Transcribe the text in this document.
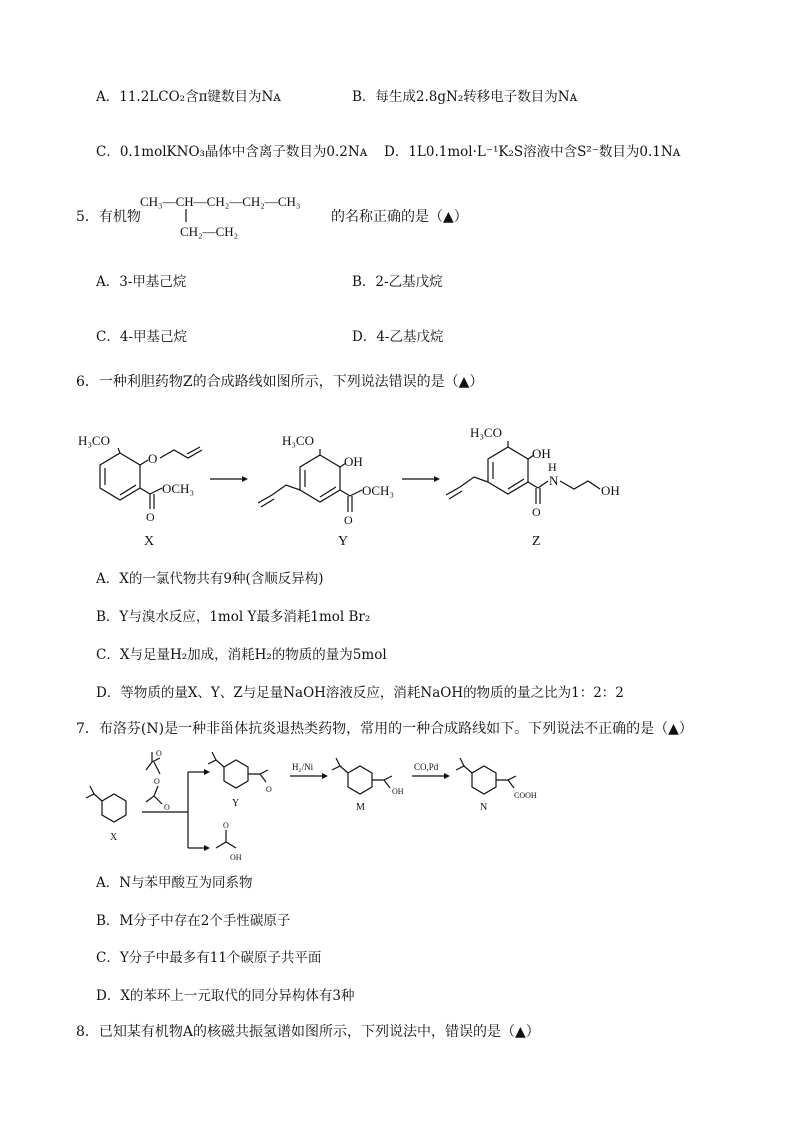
A．11.2LCO₂含π键数目为Nᴀ	B．每生成2.8gN₂转移电子数目为Nᴀ
C．0.1molKNO₃晶体中含离子数目为0.2Nᴀ D．1L0.1mol·L⁻¹K₂S溶液中含S²⁻数目为0.1Nᴀ
5．有机物
CH₃—CH—CH₂—CH₂—CH₃
CH₂—CH₂
的名称正确的是（▲）
A．3-甲基己烷	B．2-乙基戊烷
C．4-甲基己烷	D．4-乙基戊烷
6．一种利胆药物Z的合成路线如图所示，下列说法错误的是（▲）
H₃CO
O
O
OCH₃
X
H₃CO
OH
O
OCH₃
Y
H₃CO
OH
O
H
N
OH
Z
A．X的一氯代物共有9种(含顺反异构)
B．Y与溴水反应，1mol Y最多消耗1mol Br₂
C．X与足量H₂加成，消耗H₂的物质的量为5mol
D．等物质的量X、Y、Z与足量NaOH溶液反应，消耗NaOH的物质的量之比为1：2：2
7．布洛芬(N)是一种非甾体抗炎退热类药物，常用的一种合成路线如下。下列说法不正确的是（▲）
X
O
O
O
O
Y
O
OH
H₂/Ni
OH
M
CO,Pd
COOH
N
A．N与苯甲酸互为同系物
B．M分子中存在2个手性碳原子
C．Y分子中最多有11个碳原子共平面
D．X的苯环上一元取代的同分异构体有3种
8．已知某有机物A的核磁共振氢谱如图所示，下列说法中，错误的是（▲）
